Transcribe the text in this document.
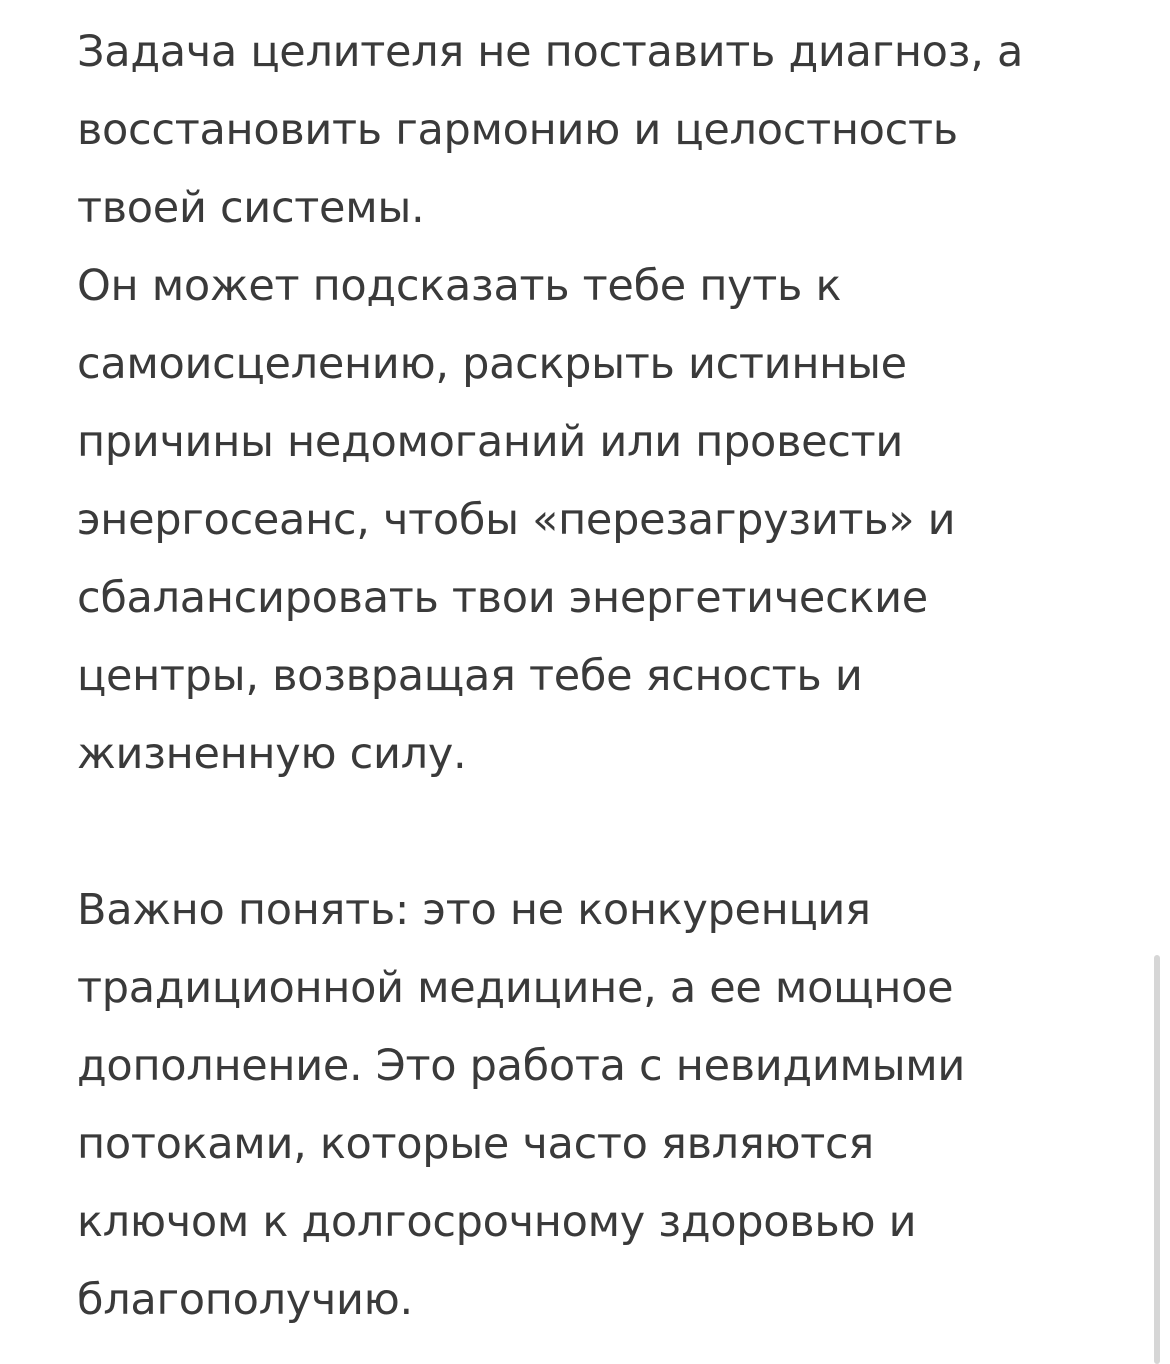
Задача целителя не поставить диагноз, а
восстановить гармонию и целостность
твоей системы.
Он может подсказать тебе путь к
самоисцелению, раскрыть истинные
причины недомоганий или провести
энергосеанс, чтобы «перезагрузить» и
сбалансировать твои энергетические
центры, возвращая тебе ясность и
жизненную силу.
Важно понять: это не конкуренция
традиционной медицине, а ее мощное
дополнение. Это работа с невидимыми
потоками, которые часто являются
ключом к долгосрочному здоровью и
благополучию.
